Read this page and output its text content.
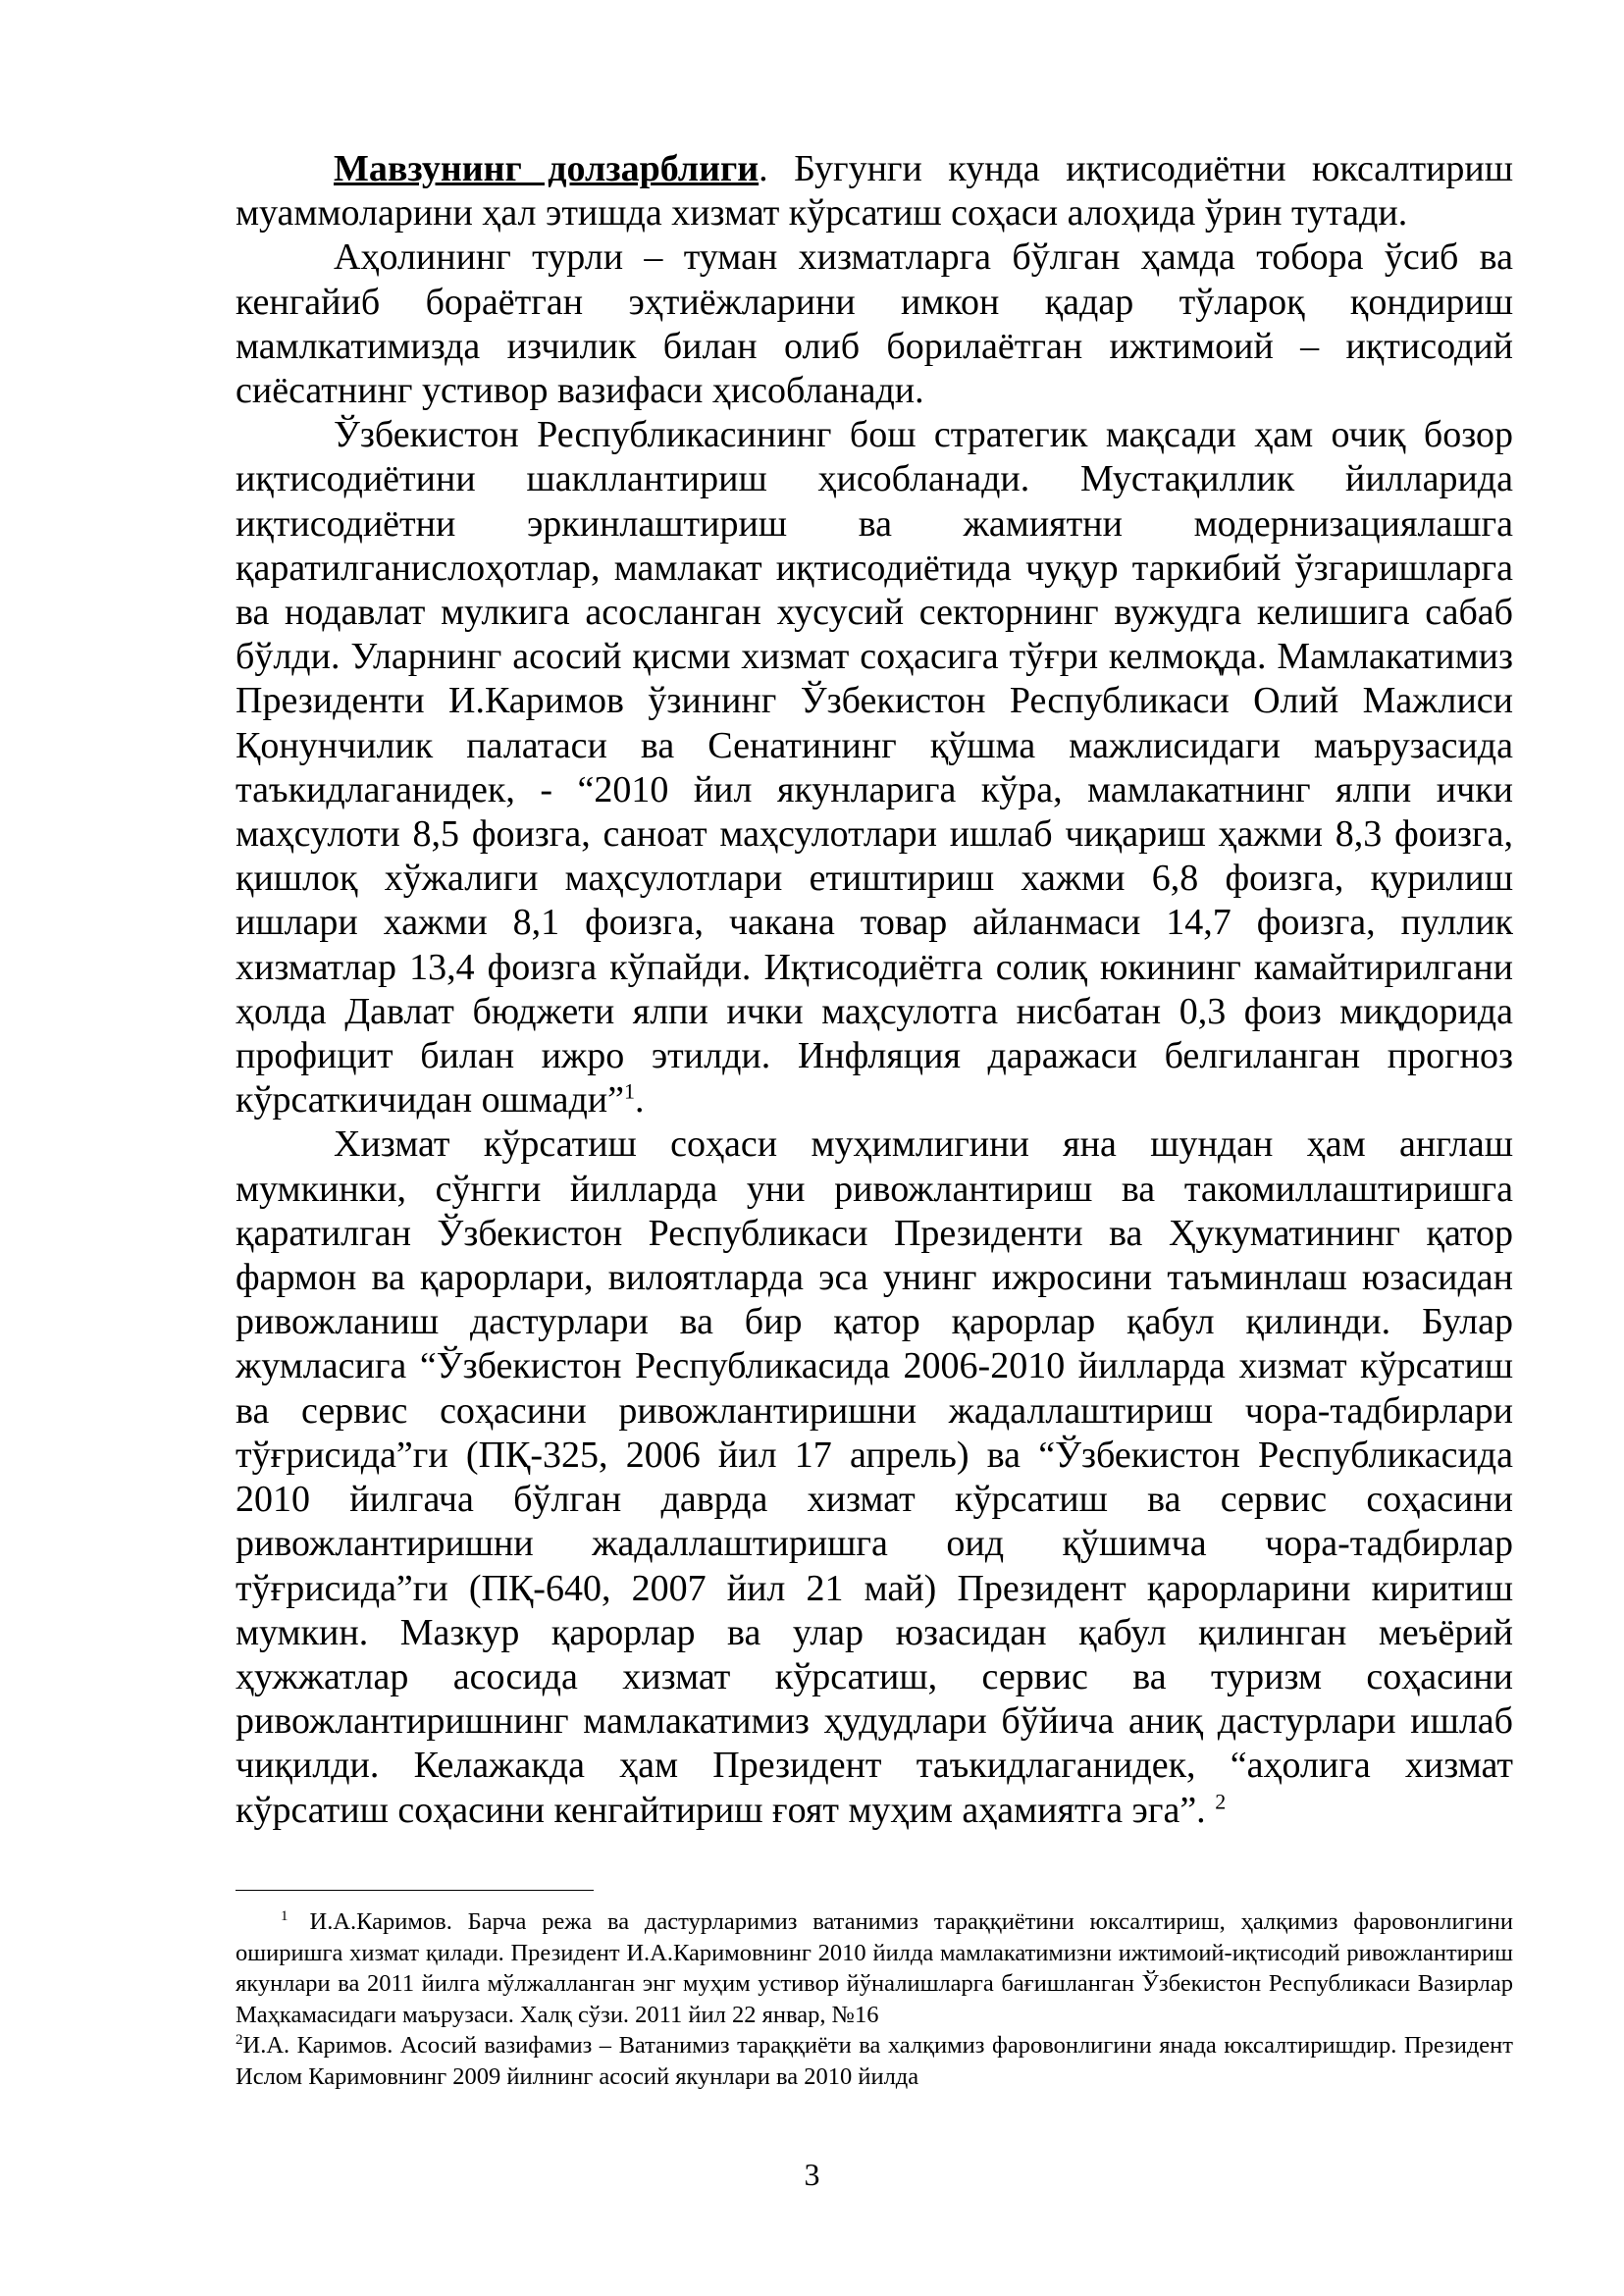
Мавзунинг долзарблиги. Бугунги кунда иқтисодиётни юксалтириш муаммоларини ҳал этишда хизмат кўрсатиш соҳаси алоҳида ўрин тутади.

Аҳолининг турли – туман хизматларга бўлган ҳамда тобора ўсиб ва кенгайиб бораётган эҳтиёжларини имкон қадар тўлароқ қондириш мамлкатимизда изчилик билан олиб борилаётган ижтимоий – иқтисодий сиёсатнинг устивор вазифаси ҳисобланади.

Ўзбекистон Республикасининг бош стратегик мақсади ҳам очиқ бозор иқтисодиётини шакллантириш ҳисобланади. Мустақиллик йилларида иқтисодиётни эркинлаштириш ва жамиятни модернизациялашга қаратилганислоҳотлар, мамлакат иқтисодиётида чуқур таркибий ўзгаришларга ва нодавлат мулкига асосланган хусусий секторнинг вужудга келишига сабаб бўлди. Уларнинг асосий қисми хизмат соҳасига тўғри келмоқда. Мамлакатимиз Президенти И.Каримов ўзининг Ўзбекистон Республикаси Олий Мажлиси Қонунчилик палатаси ва Сенатининг қўшма мажлисидаги маърузасида таъкидлаганидек, - “2010 йил якунларига кўра, мамлакатнинг ялпи ички маҳсулоти 8,5 фоизга, саноат маҳсулотлари ишлаб чиқариш ҳажми 8,3 фоизга, қишлоқ хўжалиги маҳсулотлари етиштириш хажми 6,8 фоизга, қурилиш ишлари хажми 8,1 фоизга, чакана товар айланмаси 14,7 фоизга, пуллик хизматлар 13,4 фоизга кўпайди. Иқтисодиётга солиқ юкининг камайтирилгани ҳолда Давлат бюджети ялпи ички маҳсулотга нисбатан 0,3 фоиз миқдорида профицит билан ижро этилди. Инфляция даражаси белгиланган прогноз кўрсаткичидан ошмади”$^1$.

Хизмат кўрсатиш соҳаси муҳимлигини яна шундан ҳам англаш мумкинки, сўнгги йилларда уни ривожлантириш ва такомиллаштиришга қаратилган Ўзбекистон Республикаси Президенти ва Ҳукуматининг қатор фармон ва қарорлари, вилоятларда эса унинг ижросини таъминлаш юзасидан ривожланиш дастурлари ва бир қатор қарорлар қабул қилинди. Булар жумласига “Ўзбекистон Республикасида 2006-2010 йилларда хизмат кўрсатиш ва сервис соҳасини ривожлантиришни жадаллаштириш чора-тадбирлари тўғрисида”ги (ПҚ-325, 2006 йил 17 апрель) ва “Ўзбекистон Республикасида 2010 йилгача бўлган даврда хизмат кўрсатиш ва сервис соҳасини ривожлантиришни жадаллаштиришга оид қўшимча чора-тадбирлар тўғрисида”ги (ПҚ-640, 2007 йил 21 май) Президент қарорларини киритиш мумкин. Мазкур қарорлар ва улар юзасидан қабул қилинган меъёрий ҳужжатлар асосида хизмат кўрсатиш, сервис ва туризм соҳасини ривожлантиришнинг мамлакатимиз ҳудудлари бўйича аниқ дастурлари ишлаб чиқилди. Келажакда ҳам Президент таъкидлаганидек, “аҳолига хизмат кўрсатиш соҳасини кенгайтириш ғоят муҳим аҳамиятга эга”. $^2$

$^1$ И.А.Каримов. Барча режа ва дастурларимиз ватанимиз тараққиётини юксалтириш, ҳалқимиз фаровонлигини оширишга хизмат қилади. Президент И.А.Каримовнинг 2010 йилда мамлакатимизни ижтимоий-иқтисодий ривожлантириш якунлари ва 2011 йилга мўлжалланган энг муҳим устивор йўналишларга бағишланган Ўзбекистон Республикаси Вазирлар Маҳкамасидаги маърузаси. Халқ сўзи. 2011 йил 22 январ, №16

$^2$И.А. Каримов. Асосий вазифамиз – Ватанимиз тараққиёти ва халқимиз фаровонлигини янада юксалтиришдир. Президент Ислом Каримовнинг 2009 йилнинг асосий якунлари ва 2010 йилда

3
